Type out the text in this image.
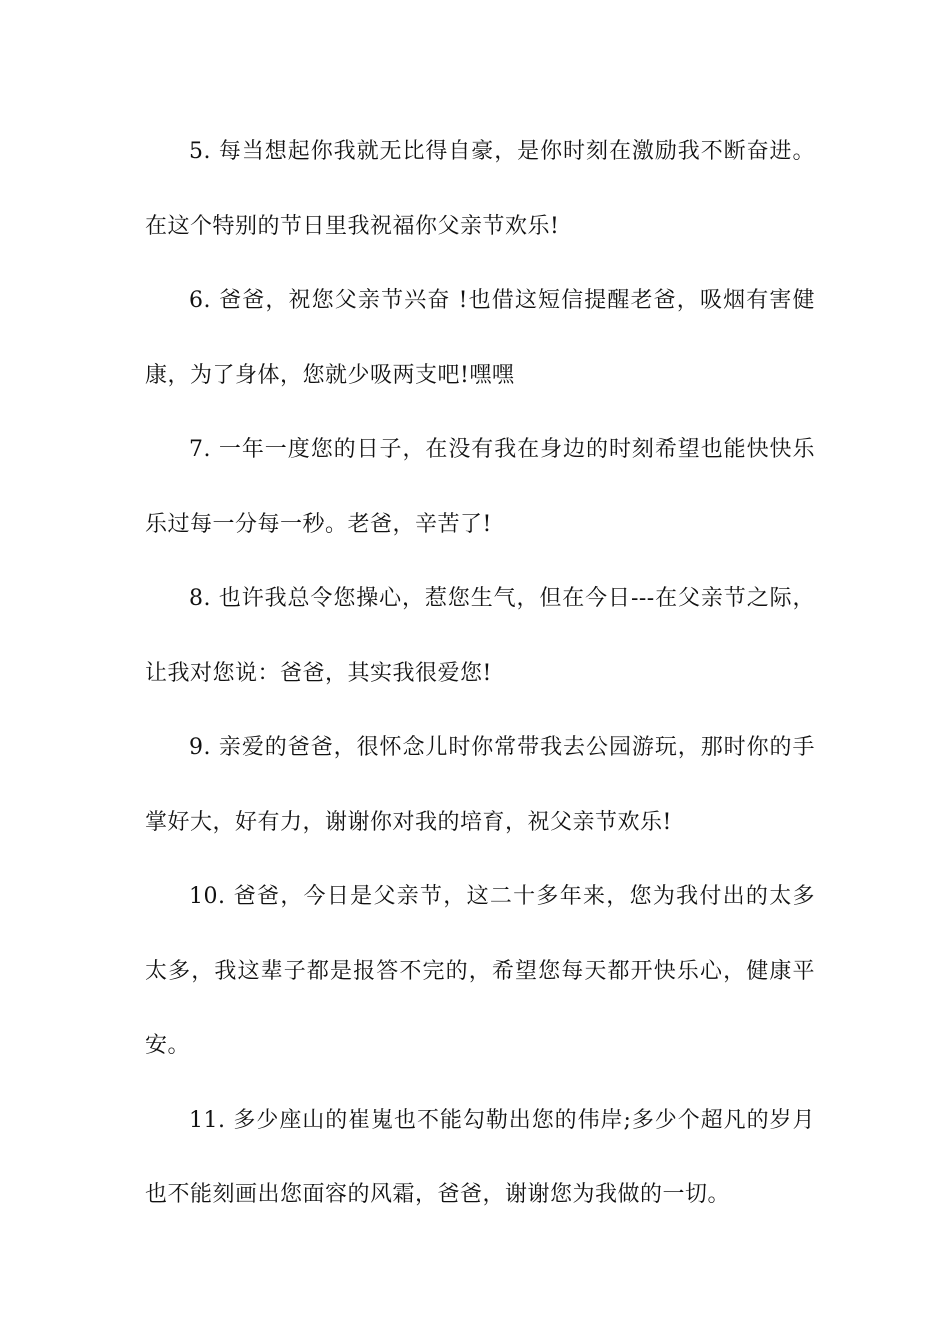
5. 每当想起你我就无比得自豪，是你时刻在激励我不断奋进。在这个特别的节日里我祝福你父亲节欢乐!

6. 爸爸，祝您父亲节兴奋 !也借这短信提醒老爸，吸烟有害健康，为了身体，您就少吸两支吧!嘿嘿

7. 一年一度您的日子，在没有我在身边的时刻希望也能快快乐乐过每一分每一秒。老爸，辛苦了!

8. 也许我总令您操心，惹您生气，但在今日---在父亲节之际，让我对您说：爸爸，其实我很爱您!

9. 亲爱的爸爸，很怀念儿时你常带我去公园游玩，那时你的手掌好大，好有力，谢谢你对我的培育，祝父亲节欢乐!

10. 爸爸，今日是父亲节，这二十多年来，您为我付出的太多太多，我这辈子都是报答不完的，希望您每天都开快乐心，健康平安。

11. 多少座山的崔嵬也不能勾勒出您的伟岸;多少个超凡的岁月也不能刻画出您面容的风霜，爸爸，谢谢您为我做的一切。
